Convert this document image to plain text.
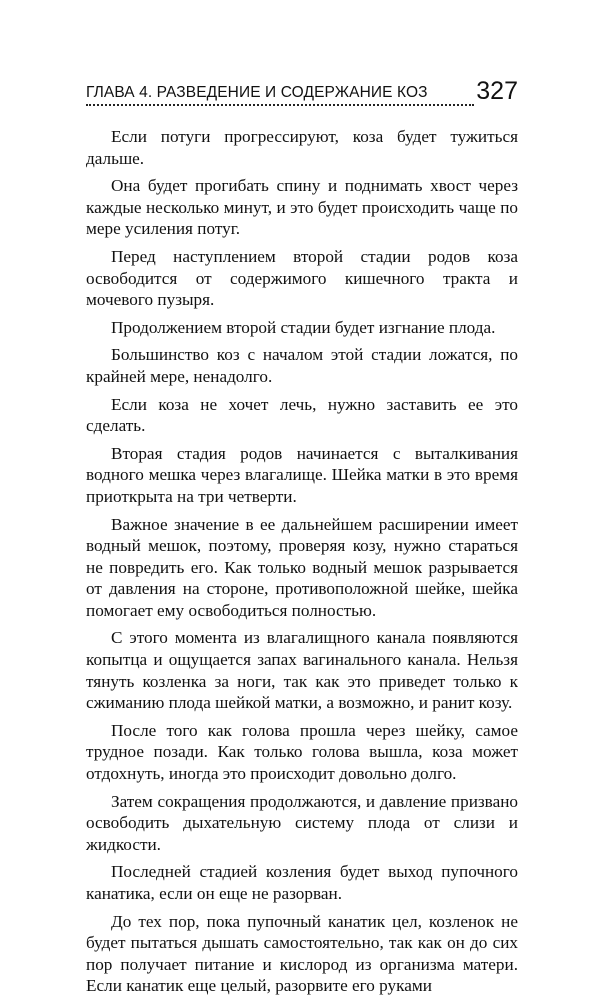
ГЛАВА 4. РАЗВЕДЕНИЕ И СОДЕРЖАНИЕ КОЗ 327

Если потуги прогрессируют, коза будет тужиться дальше.

Она будет прогибать спину и поднимать хвост через каждые несколько минут, и это будет происходить чаще по мере усиления потуг.

Перед наступлением второй стадии родов коза освободится от содержимого кишечного тракта и мочевого пузыря.

Продолжением второй стадии будет изгнание плода.

Большинство коз с началом этой стадии ложатся, по крайней мере, ненадолго.

Если коза не хочет лечь, нужно заставить ее это сделать.

Вторая стадия родов начинается с выталкивания водного мешка через влагалище. Шейка матки в это время приоткрыта на три четверти.

Важное значение в ее дальнейшем расширении имеет водный мешок, поэтому, проверяя козу, нужно стараться не повредить его. Как только водный мешок разрывается от давления на стороне, противоположной шейке, шейка помогает ему освободиться полностью.

С этого момента из влагалищного канала появляются копытца и ощущается запах вагинального канала. Нельзя тянуть козленка за ноги, так как это приведет только к сжиманию плода шейкой матки, а возможно, и ранит козу.

После того как голова прошла через шейку, самое трудное позади. Как только голова вышла, коза может отдохнуть, иногда это происходит довольно долго.

Затем сокращения продолжаются, и давление призвано освободить дыхательную систему плода от слизи и жидкости.

Последней стадией козления будет выход пупочного канатика, если он еще не разорван.

До тех пор, пока пупочный канатик цел, козленок не будет пытаться дышать самостоятельно, так как он до сих пор получает питание и кислород из организма матери. Если канатик еще целый, разорвите его руками
